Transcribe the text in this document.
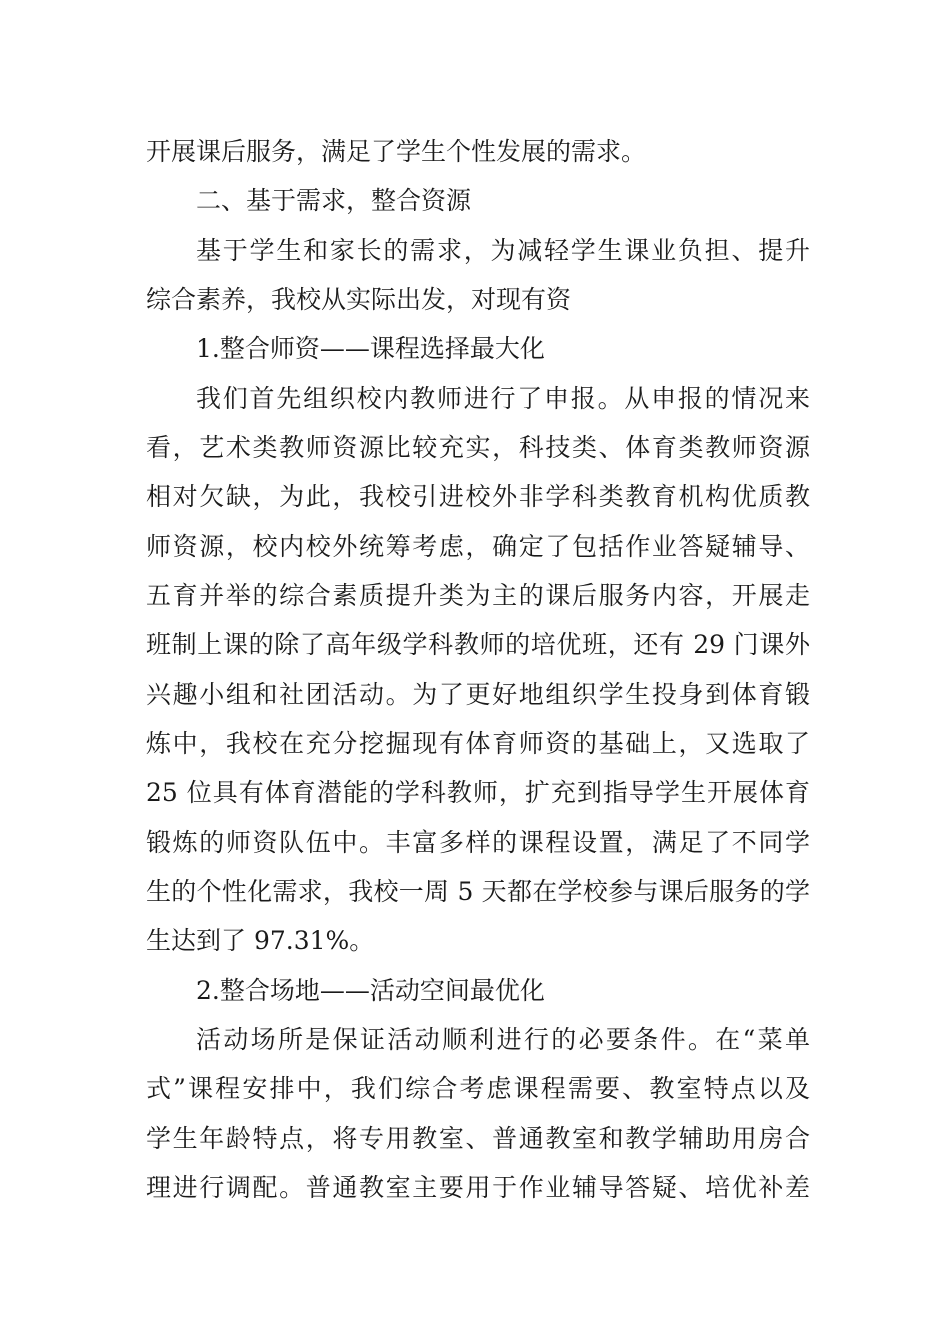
开展课后服务，满足了学生个性发展的需求。
二、基于需求，整合资源
基于学生和家长的需求，为减轻学生课业负担、提升
综合素养，我校从实际出发，对现有资
1.整合师资——课程选择最大化
我们首先组织校内教师进行了申报。从申报的情况来
看，艺术类教师资源比较充实，科技类、体育类教师资源
相对欠缺，为此，我校引进校外非学科类教育机构优质教
师资源，校内校外统筹考虑，确定了包括作业答疑辅导、
五育并举的综合素质提升类为主的课后服务内容，开展走
班制上课的除了高年级学科教师的培优班，还有 29 门课外
兴趣小组和社团活动。为了更好地组织学生投身到体育锻
炼中，我校在充分挖掘现有体育师资的基础上，又选取了
25 位具有体育潜能的学科教师，扩充到指导学生开展体育
锻炼的师资队伍中。丰富多样的课程设置，满足了不同学
生的个性化需求，我校一周 5 天都在学校参与课后服务的学
生达到了 97.31%。
2.整合场地——活动空间最优化
活动场所是保证活动顺利进行的必要条件。在“菜单
式”课程安排中，我们综合考虑课程需要、教室特点以及
学生年龄特点，将专用教室、普通教室和教学辅助用房合
理进行调配。普通教室主要用于作业辅导答疑、培优补差
